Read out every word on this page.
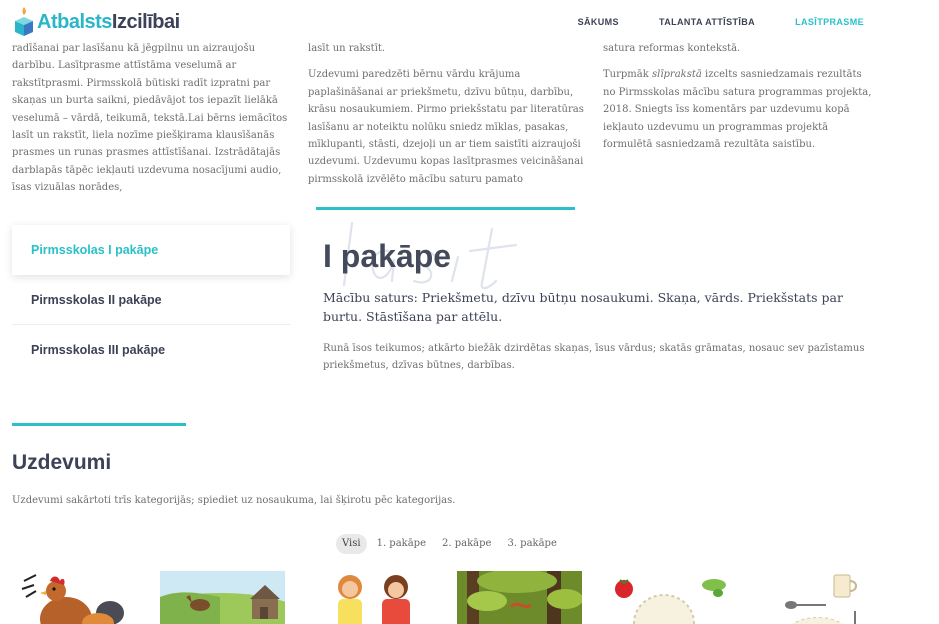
AtbalstsIzcilībai	SĀKUMS	TALANTA ATTĪSTĪBA	LASĪTPRASME

radīšanai par lasīšanu kā jēgpilnu un aizraujošu darbību. Lasītprasme attīstāma veselumā ar rakstītprasmi. Pirmsskolā būtiski radīt izpratni par skaņas un burta saikni, piedāvājot tos iepazīt lielākā veselumā – vārdā, teikumā, tekstā.Lai bērns iemācītos lasīt un rakstīt, liela nozīme piešķirama klausīšanās prasmes un runas prasmes attīstīšanai. Izstrādātajās darblapās tāpēc iekļauti uzdevuma nosacījumi audio, īsas vizuālas norādes,

lasīt un rakstīt.

Uzdevumi paredzēti bērnu vārdu krājuma paplašināšanai ar priekšmetu, dzīvu būtņu, darbību, krāsu nosaukumiem. Pirmo priekšstatu par literatūras lasīšanu ar noteiktu nolūku sniedz mīklas, pasakas, mīklupanti, stāsti, dzejoļi un ar tiem saistīti aizraujoši uzdevumi. Uzdevumu kopas lasītprasmes veicināšanai pirmsskolā izvēlēto mācību saturu pamato

satura reformas kontekstā.

Turpmāk slīprakstā izcelts sasniedzamais rezultāts no Pirmsskolas mācību satura programmas projekta, 2018. Sniegts īss komentārs par uzdevumu kopā iekļauto uzdevumu un programmas projektā formulētā sasniedzamā rezultāta saistību.

Pirmsskolas I pakāpe
Pirmsskolas II pakāpe
Pirmsskolas III pakāpe
I pakāpe
Mācību saturs: Priekšmetu, dzīvu būtņu nosaukumi. Skaņa, vārds. Priekšstats par burtu. Stāstīšana par attēlu.
Runā īsos teikumos; atkārto biežāk dzirdētas skaņas, īsus vārdus; skatās grāmatas, nosauc sev pazīstamus priekšmetus, dzīvas būtnes, darbības.
Uzdevumi
Uzdevumi sakārtoti trīs kategorijās; spiediet uz nosaukuma, lai šķirotu pēc kategorijas.
Visi	1. pakāpe	2. pakāpe	3. pakāpe
